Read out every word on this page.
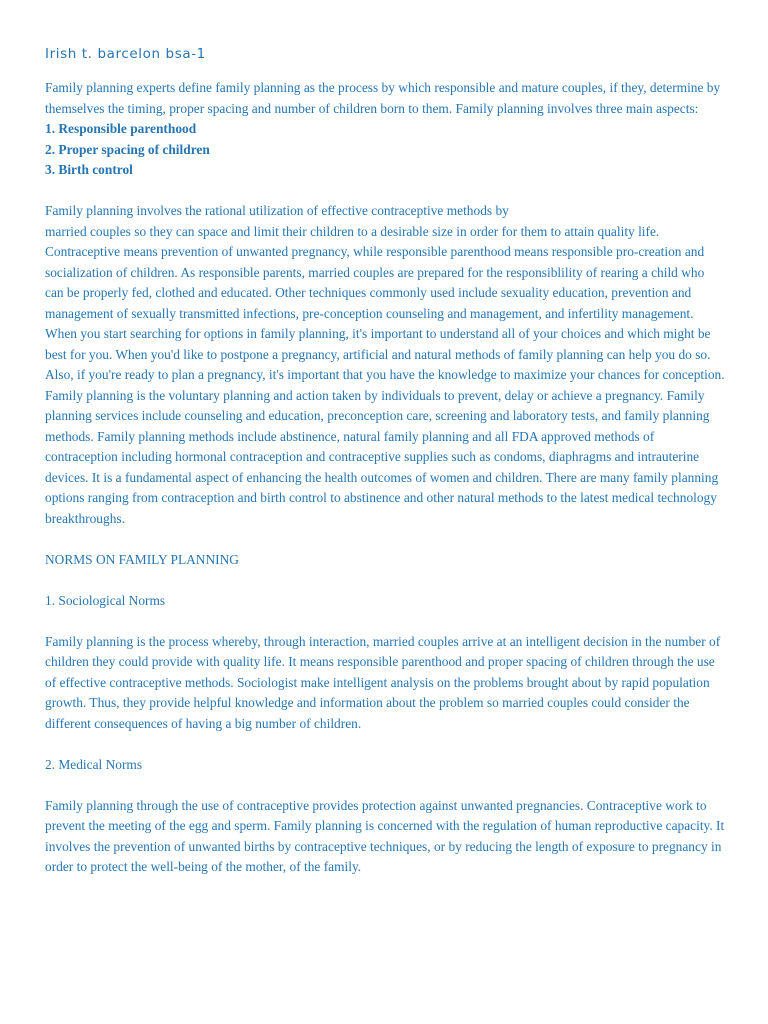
Irish t. barcelon bsa-1

Family planning experts define family planning as the process by which responsible and mature couples, if they, determine by themselves the timing, proper spacing and number of children born to them. Family planning involves three main aspects:

1. Responsible parenthood
2. Proper spacing of children
3. Birth control
Family planning involves the rational utilization of effective contraceptive methods by

married couples so they can space and limit their children to a desirable size in order for them to attain quality life. Contraceptive means prevention of unwanted pregnancy, while responsible parenthood means responsible pro-creation and socialization of children. As responsible parents, married couples are prepared for the responsiblility of rearing a child who can be properly fed, clothed and educated. Other techniques commonly used include sexuality education, prevention and management of sexually transmitted infections, pre-conception counseling and management, and infertility management. When you start searching for options in family planning, it's important to understand all of your choices and which might be best for you. When you'd like to postpone a pregnancy, artificial and natural methods of family planning can help you do so. Also, if you're ready to plan a pregnancy, it's important that you have the knowledge to maximize your chances for conception. Family planning is the voluntary planning and action taken by individuals to prevent, delay or achieve a pregnancy. Family planning services include counseling and education, preconception care, screening and laboratory tests, and family planning methods. Family planning methods include abstinence, natural family planning and all FDA approved methods of contraception including hormonal contraception and contraceptive supplies such as condoms, diaphragms and intrauterine devices. It is a fundamental aspect of enhancing the health outcomes of women and children. There are many family planning options ranging from contraception and birth control to abstinence and other natural methods to the latest medical technology breakthroughs.

NORMS ON FAMILY PLANNING
1. Sociological Norms

Family planning is the process whereby, through interaction, married couples arrive at an intelligent decision in the number of children they could provide with quality life. It means responsible parenthood and proper spacing of children through the use of effective contraceptive methods. Sociologist make intelligent analysis on the problems brought about by rapid population growth. Thus, they provide helpful knowledge and information about the problem so married couples could consider the different consequences of having a big number of children.

2. Medical Norms

Family planning through the use of contraceptive provides protection against unwanted pregnancies. Contraceptive work to prevent the meeting of the egg and sperm. Family planning is concerned with the regulation of human reproductive capacity. It involves the prevention of unwanted births by contraceptive techniques, or by reducing the length of exposure to pregnancy in order to protect the well-being of the mother, of the family.
